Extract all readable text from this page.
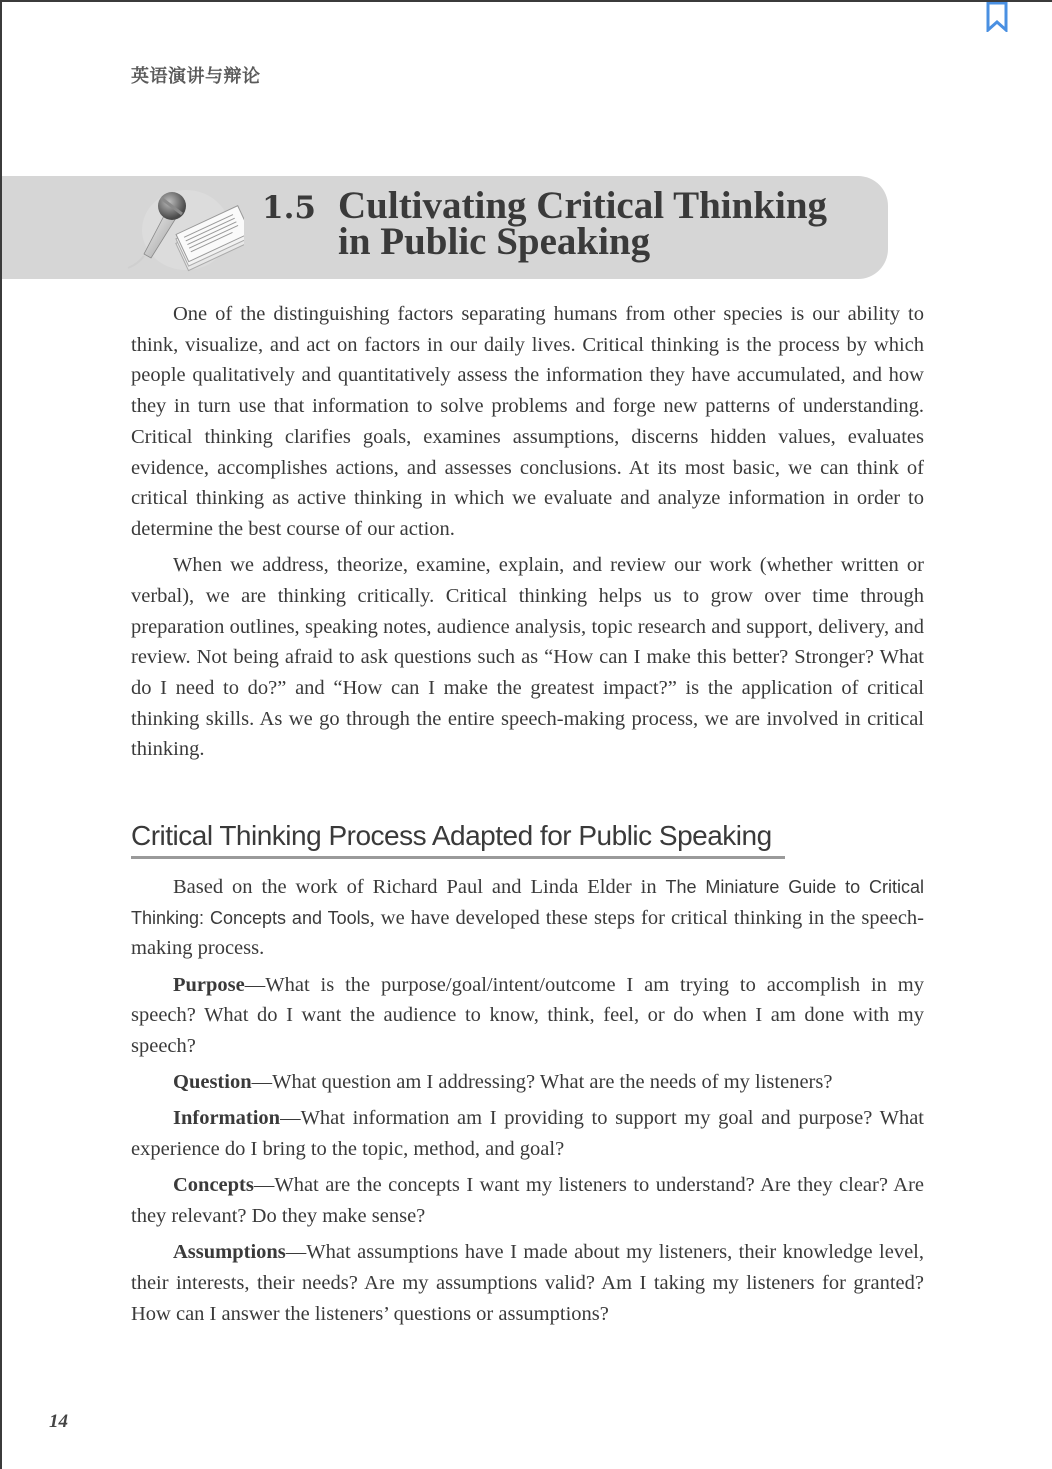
英语演讲与辩论
1.5 Cultivating Critical Thinking
in Public Speaking

One of the distinguishing factors separating humans from other species is our ability to think, visualize, and act on factors in our daily lives. Critical thinking is the process by which people qualitatively and quantitatively assess the information they have accumulated, and how they in turn use that information to solve problems and forge new patterns of understanding. Critical thinking clarifies goals, examines assumptions, discerns hidden values, evaluates evidence, accomplishes actions, and assesses conclusions. At its most basic, we can think of critical thinking as active thinking in which we evaluate and analyze information in order to determine the best course of our action.

When we address, theorize, examine, explain, and review our work (whether written or verbal), we are thinking critically. Critical thinking helps us to grow over time through preparation outlines, speaking notes, audience analysis, topic research and support, delivery, and review. Not being afraid to ask questions such as “How can I make this better? Stronger? What do I need to do?” and “How can I make the greatest impact?” is the application of critical thinking skills. As we go through the entire speech-making process, we are involved in critical thinking.

Critical Thinking Process Adapted for Public Speaking

Based on the work of Richard Paul and Linda Elder in The Miniature Guide to Critical Thinking: Concepts and Tools, we have developed these steps for critical thinking in the speech-making process.

Purpose—What is the purpose/goal/intent/outcome I am trying to accomplish in my speech? What do I want the audience to know, think, feel, or do when I am done with my speech?

Question—What question am I addressing? What are the needs of my listeners?

Information—What information am I providing to support my goal and purpose? What experience do I bring to the topic, method, and goal?

Concepts—What are the concepts I want my listeners to understand? Are they clear? Are they relevant? Do they make sense?

Assumptions—What assumptions have I made about my listeners, their knowledge level, their interests, their needs? Are my assumptions valid? Am I taking my listeners for granted? How can I answer the listeners’ questions or assumptions?

14
